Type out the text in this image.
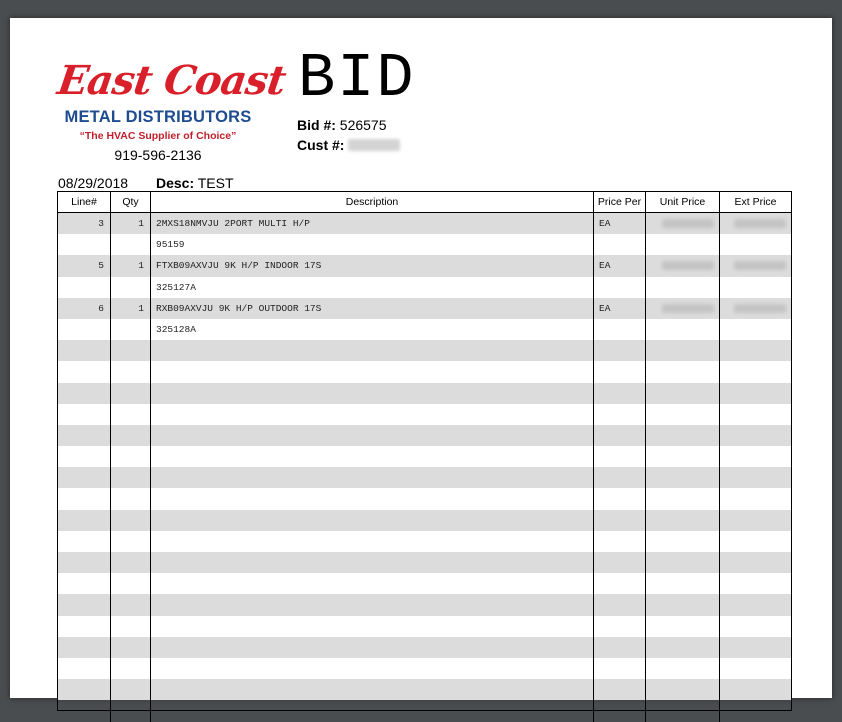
East Coast
METAL DISTRIBUTORS
“The HVAC Supplier of Choice”
919-596-2136
BID
Bid #: 526575
Cust #:
08/29/2018 Desc: TEST
Line#	Qty	Description	Price Per	Unit Price	Ext Price
3	1	2MXS18NMVJU 2PORT MULTI H/P	EA
95159
5	1	FTXB09AXVJU 9K H/P INDOOR 17S	EA
325127A
6	1	RXB09AXVJU 9K H/P OUTDOOR 17S	EA
325128A
